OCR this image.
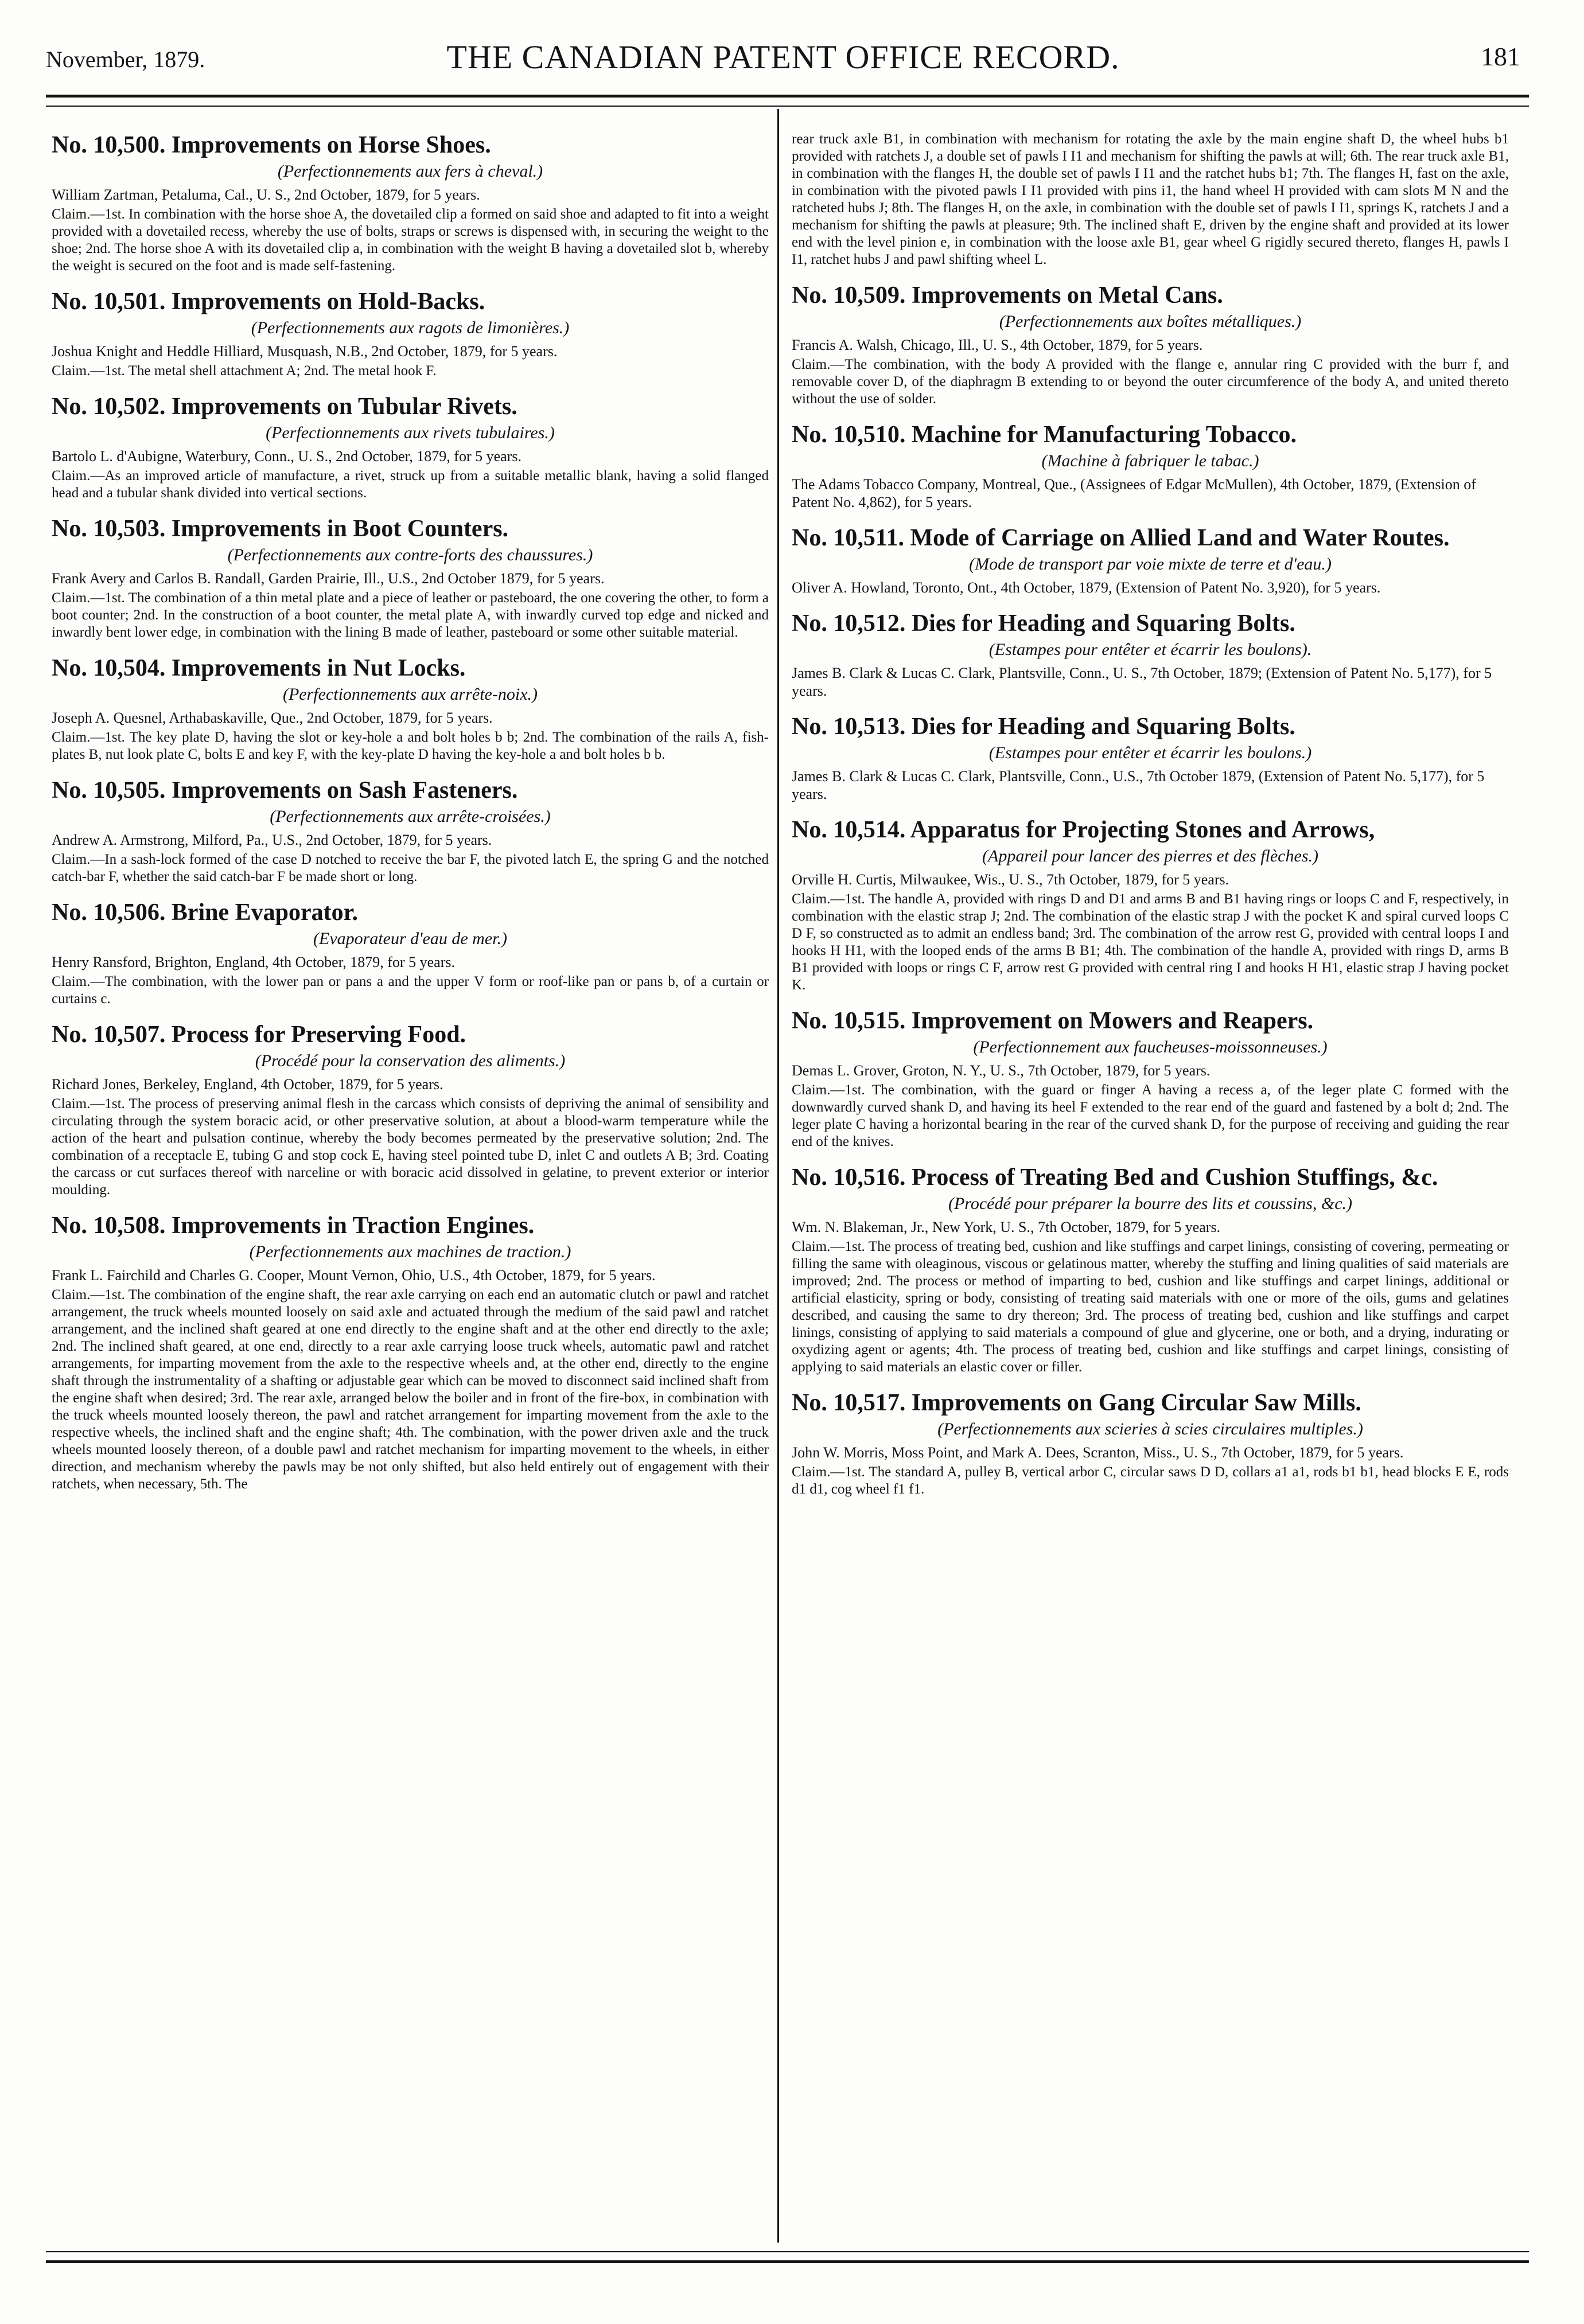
November, 1879.	THE CANADIAN PATENT OFFICE RECORD.	181
No. 10,500. Improvements on Horse Shoes.
(Perfectionnements aux fers à cheval.)
William Zartman, Petaluma, Cal., U. S., 2nd October, 1879, for 5 years.
Claim.—1st. In combination with the horse shoe A, the dovetailed clip a formed on said shoe and adapted to fit into a weight provided with a dovetailed recess, whereby the use of bolts, straps or screws is dispensed with, in securing the weight to the shoe; 2nd. The horse shoe A with its dovetailed clip a, in combination with the weight B having a dovetailed slot b, whereby the weight is secured on the foot and is made self-fastening.
No. 10,501. Improvements on Hold-Backs.
(Perfectionnements aux ragots de limonières.)
Joshua Knight and Heddle Hilliard, Musquash, N.B., 2nd October, 1879, for 5 years.
Claim.—1st. The metal shell attachment A; 2nd. The metal hook F.
No. 10,502. Improvements on Tubular Rivets.
(Perfectionnements aux rivets tubulaires.)
Bartolo L. d'Aubigne, Waterbury, Conn., U. S., 2nd October, 1879, for 5 years.
Claim.—As an improved article of manufacture, a rivet, struck up from a suitable metallic blank, having a solid flanged head and a tubular shank divided into vertical sections.
No. 10,503. Improvements in Boot Counters.
(Perfectionnements aux contre-forts des chaussures.)
Frank Avery and Carlos B. Randall, Garden Prairie, Ill., U.S., 2nd October 1879, for 5 years.
Claim.—1st. The combination of a thin metal plate and a piece of leather or pasteboard, the one covering the other, to form a boot counter; 2nd. In the construction of a boot counter, the metal plate A, with inwardly curved top edge and nicked and inwardly bent lower edge, in combination with the lining B made of leather, pasteboard or some other suitable material.
No. 10,504. Improvements in Nut Locks.
(Perfectionnements aux arrête-noix.)
Joseph A. Quesnel, Arthabaskaville, Que., 2nd October, 1879, for 5 years.
Claim.—1st. The key plate D, having the slot or key-hole a and bolt holes b b; 2nd. The combination of the rails A, fish-plates B, nut look plate C, bolts E and key F, with the key-plate D having the key-hole a and bolt holes b b.
No. 10,505. Improvements on Sash Fasteners.
(Perfectionnements aux arrête-croisées.)
Andrew A. Armstrong, Milford, Pa., U.S., 2nd October, 1879, for 5 years.
Claim.—In a sash-lock formed of the case D notched to receive the bar F, the pivoted latch E, the spring G and the notched catch-bar F, whether the said catch-bar F be made short or long.
No. 10,506. Brine Evaporator.
(Evaporateur d'eau de mer.)
Henry Ransford, Brighton, England, 4th October, 1879, for 5 years.
Claim.—The combination, with the lower pan or pans a and the upper V form or roof-like pan or pans b, of a curtain or curtains c.
No. 10,507. Process for Preserving Food.
(Procédé pour la conservation des aliments.)
Richard Jones, Berkeley, England, 4th October, 1879, for 5 years.
Claim.—1st. The process of preserving animal flesh in the carcass which consists of depriving the animal of sensibility and circulating through the system boracic acid, or other preservative solution, at about a blood-warm temperature while the action of the heart and pulsation continue, whereby the body becomes permeated by the preservative solution; 2nd. The combination of a receptacle E, tubing G and stop cock E, having steel pointed tube D, inlet C and outlets A B; 3rd. Coating the carcass or cut surfaces thereof with narceline or with boracic acid dissolved in gelatine, to prevent exterior or interior moulding.
No. 10,508. Improvements in Traction Engines.
(Perfectionnements aux machines de traction.)
Frank L. Fairchild and Charles G. Cooper, Mount Vernon, Ohio, U.S., 4th October, 1879, for 5 years.
Claim.—1st. The combination of the engine shaft, the rear axle carrying on each end an automatic clutch or pawl and ratchet arrangement, the truck wheels mounted loosely on said axle and actuated through the medium of the said pawl and ratchet arrangement, and the inclined shaft geared at one end directly to the engine shaft and at the other end directly to the axle; 2nd. The inclined shaft geared, at one end, directly to a rear axle carrying loose truck wheels, automatic pawl and ratchet arrangements, for imparting movement from the axle to the respective wheels and, at the other end, directly to the engine shaft through the instrumentality of a shafting or adjustable gear which can be moved to disconnect said inclined shaft from the engine shaft when desired; 3rd. The rear axle, arranged below the boiler and in front of the fire-box, in combination with the truck wheels mounted loosely thereon, the pawl and ratchet arrangement for imparting movement from the axle to the respective wheels, the inclined shaft and the engine shaft; 4th. The combination, with the power driven axle and the truck wheels mounted loosely thereon, of a double pawl and ratchet mechanism for imparting movement to the wheels, in either direction, and mechanism whereby the pawls may be not only shifted, but also held entirely out of engagement with their ratchets, when necessary, 5th. The
rear truck axle B1, in combination with mechanism for rotating the axle by the main engine shaft D, the wheel hubs b1 provided with ratchets J, a double set of pawls I I1 and mechanism for shifting the pawls at will; 6th. The rear truck axle B1, in combination with the flanges H, the double set of pawls I I1 and the ratchet hubs b1; 7th. The flanges H, fast on the axle, in combination with the pivoted pawls I I1 provided with pins i1, the hand wheel H provided with cam slots M N and the ratcheted hubs J; 8th. The flanges H, on the axle, in combination with the double set of pawls I I1, springs K, ratchets J and a mechanism for shifting the pawls at pleasure; 9th. The inclined shaft E, driven by the engine shaft and provided at its lower end with the level pinion e, in combination with the loose axle B1, gear wheel G rigidly secured thereto, flanges H, pawls I I1, ratchet hubs J and pawl shifting wheel L.
No. 10,509. Improvements on Metal Cans.
(Perfectionnements aux boîtes métalliques.)
Francis A. Walsh, Chicago, Ill., U. S., 4th October, 1879, for 5 years.
Claim.—The combination, with the body A provided with the flange e, annular ring C provided with the burr f, and removable cover D, of the diaphragm B extending to or beyond the outer circumference of the body A, and united thereto without the use of solder.
No. 10,510. Machine for Manufacturing Tobacco.
(Machine à fabriquer le tabac.)
The Adams Tobacco Company, Montreal, Que., (Assignees of Edgar McMullen), 4th October, 1879, (Extension of Patent No. 4,862), for 5 years.
No. 10,511. Mode of Carriage on Allied Land and Water Routes.
(Mode de transport par voie mixte de terre et d'eau.)
Oliver A. Howland, Toronto, Ont., 4th October, 1879, (Extension of Patent No. 3,920), for 5 years.
No. 10,512. Dies for Heading and Squaring Bolts.
(Estampes pour entêter et écarrir les boulons).
James B. Clark & Lucas C. Clark, Plantsville, Conn., U. S., 7th October, 1879; (Extension of Patent No. 5,177), for 5 years.
No. 10,513. Dies for Heading and Squaring Bolts.
(Estampes pour entêter et écarrir les boulons.)
James B. Clark & Lucas C. Clark, Plantsville, Conn., U.S., 7th October 1879, (Extension of Patent No. 5,177), for 5 years.
No. 10,514. Apparatus for Projecting Stones and Arrows,
(Appareil pour lancer des pierres et des flèches.)
Orville H. Curtis, Milwaukee, Wis., U. S., 7th October, 1879, for 5 years.
Claim.—1st. The handle A, provided with rings D and D1 and arms B and B1 having rings or loops C and F, respectively, in combination with the elastic strap J; 2nd. The combination of the elastic strap J with the pocket K and spiral curved loops C D F, so constructed as to admit an endless band; 3rd. The combination of the arrow rest G, provided with central loops I and hooks H H1, with the looped ends of the arms B B1; 4th. The combination of the handle A, provided with rings D, arms B B1 provided with loops or rings C F, arrow rest G provided with central ring I and hooks H H1, elastic strap J having pocket K.
No. 10,515. Improvement on Mowers and Reapers.
(Perfectionnement aux faucheuses-moissonneuses.)
Demas L. Grover, Groton, N. Y., U. S., 7th October, 1879, for 5 years.
Claim.—1st. The combination, with the guard or finger A having a recess a, of the leger plate C formed with the downwardly curved shank D, and having its heel F extended to the rear end of the guard and fastened by a bolt d; 2nd. The leger plate C having a horizontal bearing in the rear of the curved shank D, for the purpose of receiving and guiding the rear end of the knives.
No. 10,516. Process of Treating Bed and Cushion Stuffings, &c.
(Procédé pour préparer la bourre des lits et coussins, &c.)
Wm. N. Blakeman, Jr., New York, U. S., 7th October, 1879, for 5 years.
Claim.—1st. The process of treating bed, cushion and like stuffings and carpet linings, consisting of covering, permeating or filling the same with oleaginous, viscous or gelatinous matter, whereby the stuffing and lining qualities of said materials are improved; 2nd. The process or method of imparting to bed, cushion and like stuffings and carpet linings, additional or artificial elasticity, spring or body, consisting of treating said materials with one or more of the oils, gums and gelatines described, and causing the same to dry thereon; 3rd. The process of treating bed, cushion and like stuffings and carpet linings, consisting of applying to said materials a compound of glue and glycerine, one or both, and a drying, indurating or oxydizing agent or agents; 4th. The process of treating bed, cushion and like stuffings and carpet linings, consisting of applying to said materials an elastic cover or filler.
No. 10,517. Improvements on Gang Circular Saw Mills.
(Perfectionnements aux scieries à scies circulaires multiples.)
John W. Morris, Moss Point, and Mark A. Dees, Scranton, Miss., U. S., 7th October, 1879, for 5 years.
Claim.—1st. The standard A, pulley B, vertical arbor C, circular saws D D, collars a1 a1, rods b1 b1, head blocks E E, rods d1 d1, cog wheel f1 f1.
